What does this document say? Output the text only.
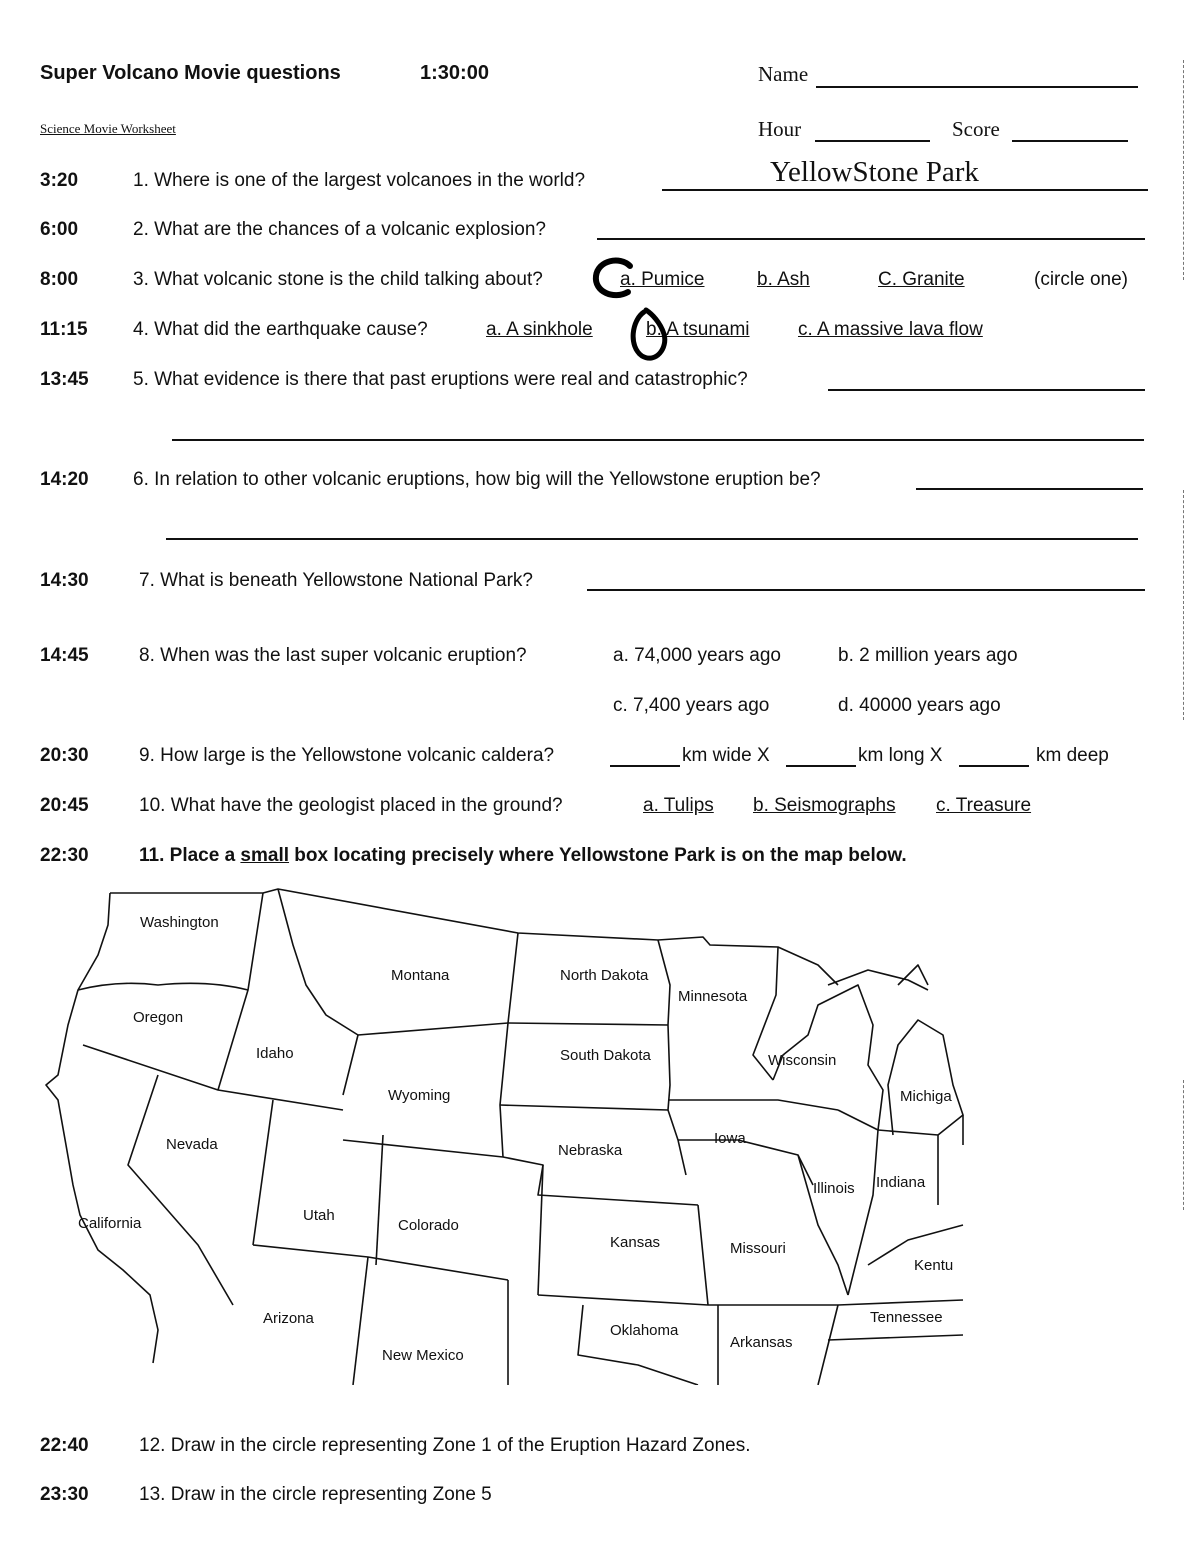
Super Volcano Movie questions	1:30:00	Name
Science Movie Worksheet	Hour	Score
3:20	1. Where is one of the largest volcanoes in the world?	YellowStone Park
6:00	2. What are the chances of a volcanic explosion?
8:00	3. What volcanic stone is the child talking about?	a. Pumice	b. Ash	C. Granite	(circle one)
11:15 4. What did the earthquake cause?	a. A sinkhole	b. A tsunami	c. A massive lava flow
13:45 5. What evidence is there that past eruptions were real and catastrophic?
14:20 6. In relation to other volcanic eruptions, how big will the Yellowstone eruption be?
14:30	7. What is beneath Yellowstone National Park?
14:45	8. When was the last super volcanic eruption?	a. 74,000 years ago	b. 2 million years ago
c. 7,400 years ago	d. 40000 years ago
20:30	9. How large is the Yellowstone volcanic caldera?	km wide X	km long X	km deep
20:45	10. What have the geologist placed in the ground?	a. Tulips b. Seismographs c. Treasure
22:30	11. Place a small box locating precisely where Yellowstone Park is on the map below.
Washington
Oregon
California
Idaho
Nevada
Montana
Wyoming
Utah
Arizona
Colorado
New Mexico
North Dakota
South Dakota
Nebraska
Kansas
Oklahoma
Minnesota
Iowa
Missouri
Arkansas
Wisconsin
Illinois
Michiga
Indiana
Kentu
Tennessee
22:40	12. Draw in the circle representing Zone 1 of the Eruption Hazard Zones.
23:30	13. Draw in the circle representing Zone 5
